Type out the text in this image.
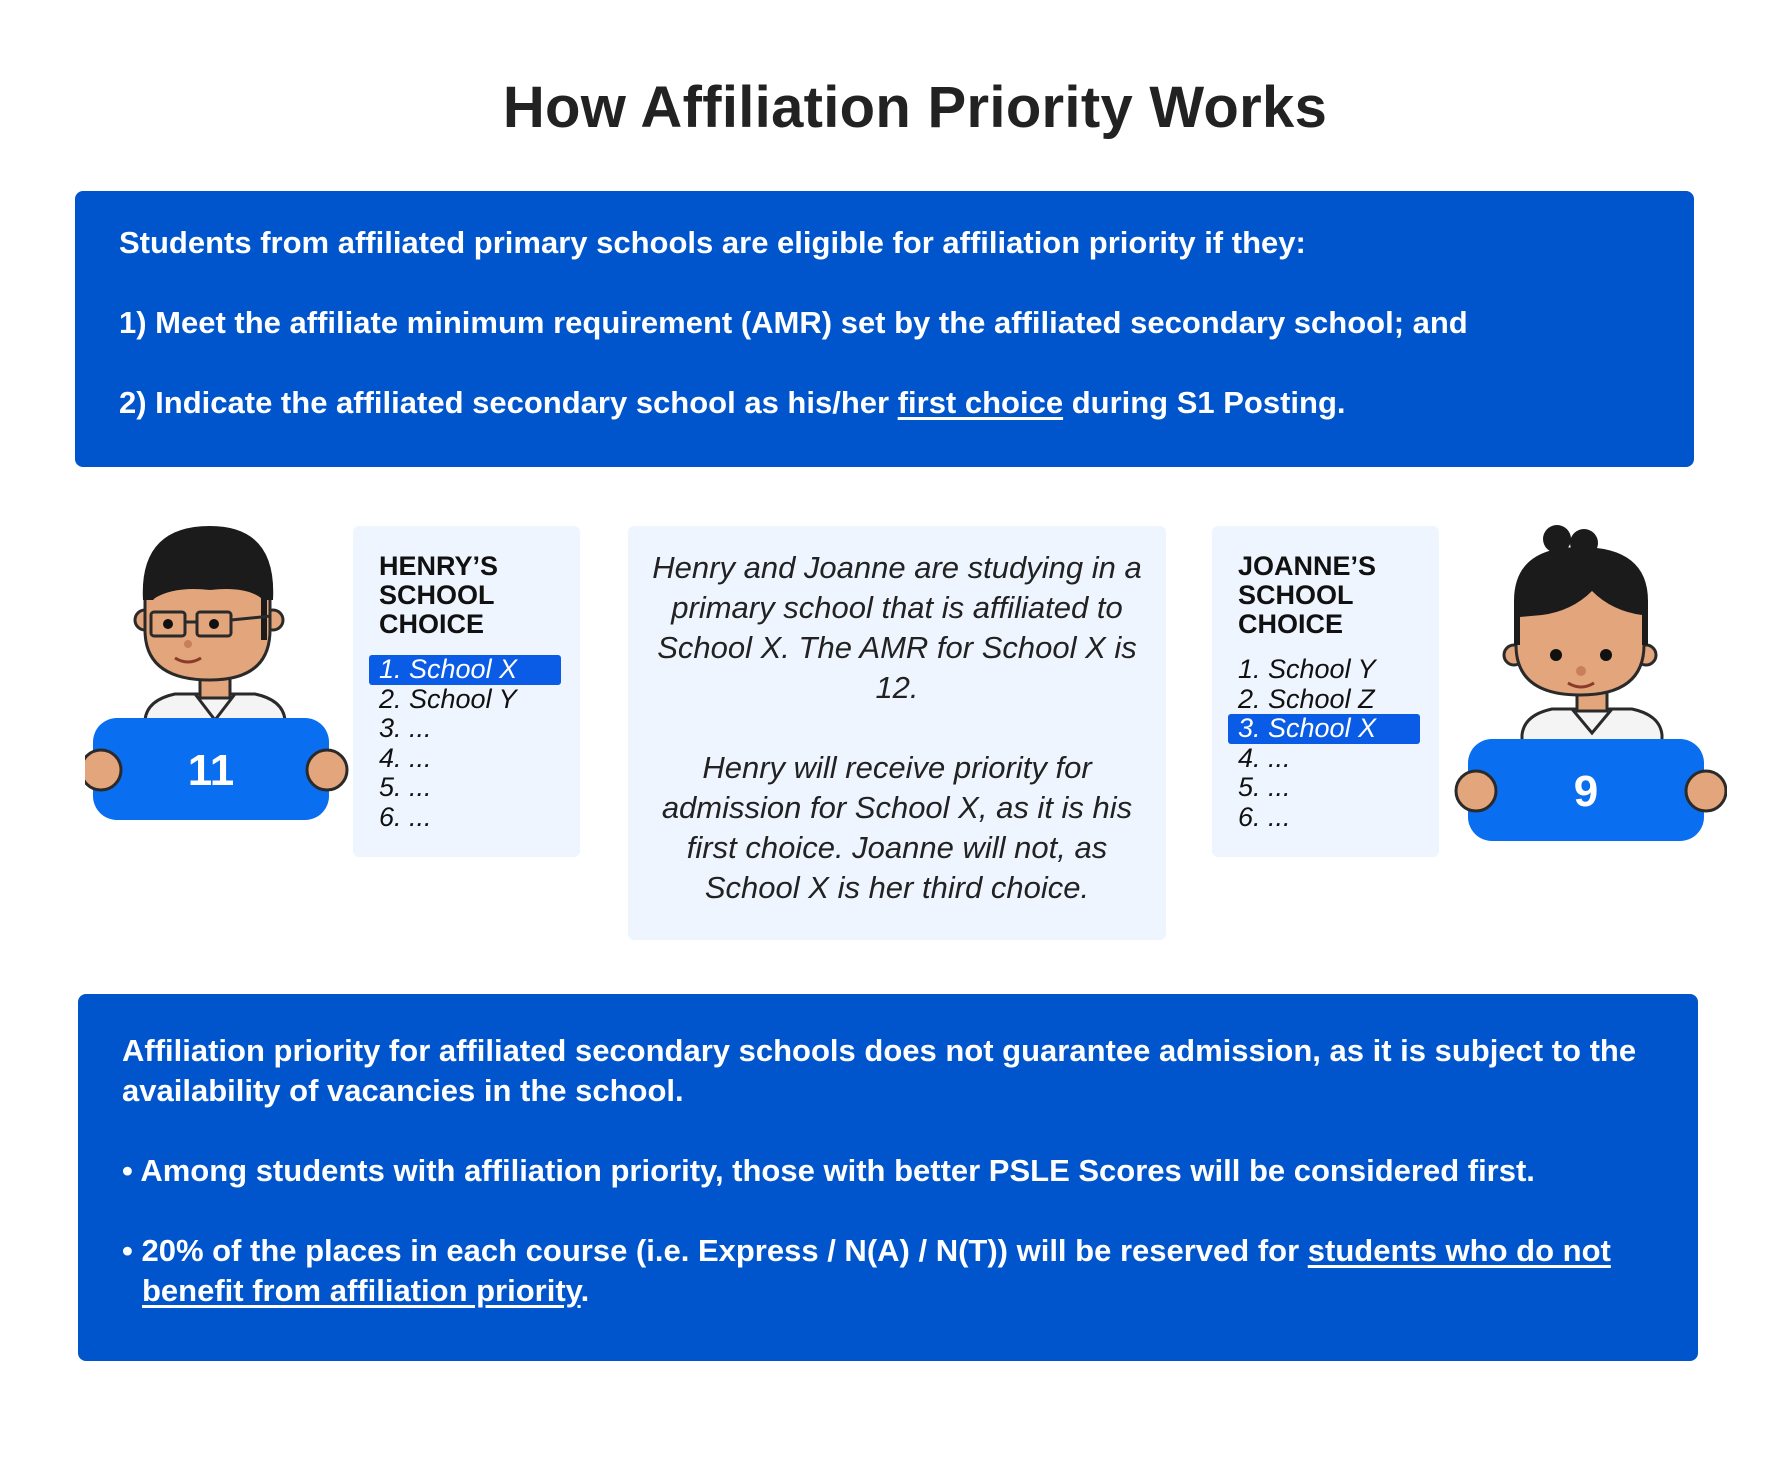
How Affiliation Priority Works

Students from affiliated primary schools are eligible for affiliation priority if they:

1) Meet the affiliate minimum requirement (AMR) set by the affiliated secondary school; and

2) Indicate the affiliated secondary school as his/her first choice during S1 Posting.

11
HENRY’S SCHOOL CHOICE
1. School X
2. School Y
3. ...
4. ...
5. ...
6. ...

Henry and Joanne are studying in a primary school that is affiliated to School X. The AMR for School X is 12.

Henry will receive priority for admission for School X, as it is his first choice. Joanne will not, as School X is her third choice.

JOANNE’S SCHOOL CHOICE
1. School Y
2. School Z
3. School X
4. ...
5. ...
6. ...
9

Affiliation priority for affiliated secondary schools does not guarantee admission, as it is subject to the availability of vacancies in the school.

• Among students with affiliation priority, those with better PSLE Scores will be considered first.

• 20% of the places in each course (i.e. Express / N(A) / N(T)) will be reserved for students who do not benefit from affiliation priority.
